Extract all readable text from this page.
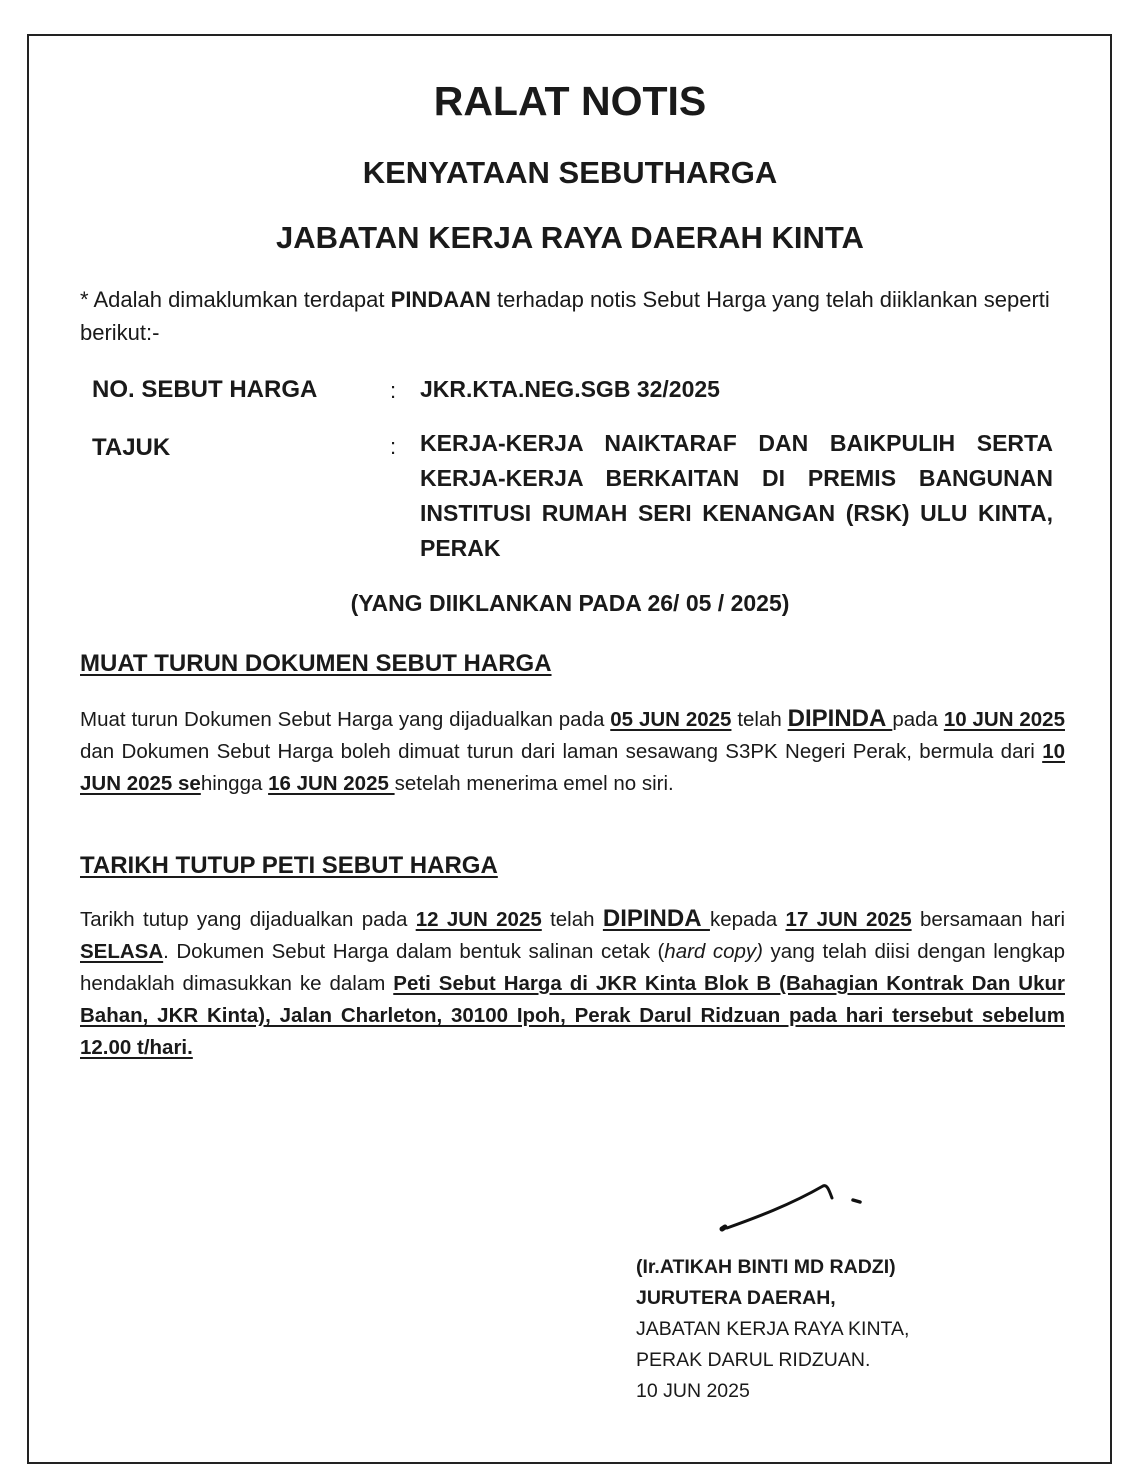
RALAT NOTIS
KENYATAAN SEBUTHARGA
JABATAN KERJA RAYA DAERAH KINTA
* Adalah dimaklumkan terdapat PINDAAN terhadap notis Sebut Harga yang telah diiklankan seperti berikut:-
NO. SEBUT HARGA	: JKR.KTA.NEG.SGB 32/2025
TAJUK	: KERJA-KERJA NAIKTARAF DAN BAIKPULIH SERTA KERJA-KERJA BERKAITAN DI PREMIS BANGUNAN INSTITUSI RUMAH SERI KENANGAN (RSK) ULU KINTA, PERAK
(YANG DIIKLANKAN PADA 26/ 05 / 2025)
MUAT TURUN DOKUMEN SEBUT HARGA
Muat turun Dokumen Sebut Harga yang dijadualkan pada 05 JUN 2025 telah DIPINDA pada 10 JUN 2025 dan Dokumen Sebut Harga boleh dimuat turun dari laman sesawang S3PK Negeri Perak, bermula dari 10 JUN 2025 sehingga 16 JUN 2025 setelah menerima emel no siri.
TARIKH TUTUP PETI SEBUT HARGA
Tarikh tutup yang dijadualkan pada 12 JUN 2025 telah DIPINDA kepada 17 JUN 2025 bersamaan hari SELASA. Dokumen Sebut Harga dalam bentuk salinan cetak (hard copy) yang telah diisi dengan lengkap hendaklah dimasukkan ke dalam Peti Sebut Harga di JKR Kinta Blok B (Bahagian Kontrak Dan Ukur Bahan, JKR Kinta), Jalan Charleton, 30100 Ipoh, Perak Darul Ridzuan pada hari tersebut sebelum 12.00 t/hari.
(Ir.ATIKAH BINTI MD RADZI)
JURUTERA DAERAH,
JABATAN KERJA RAYA KINTA,
PERAK DARUL RIDZUAN.
10 JUN 2025
